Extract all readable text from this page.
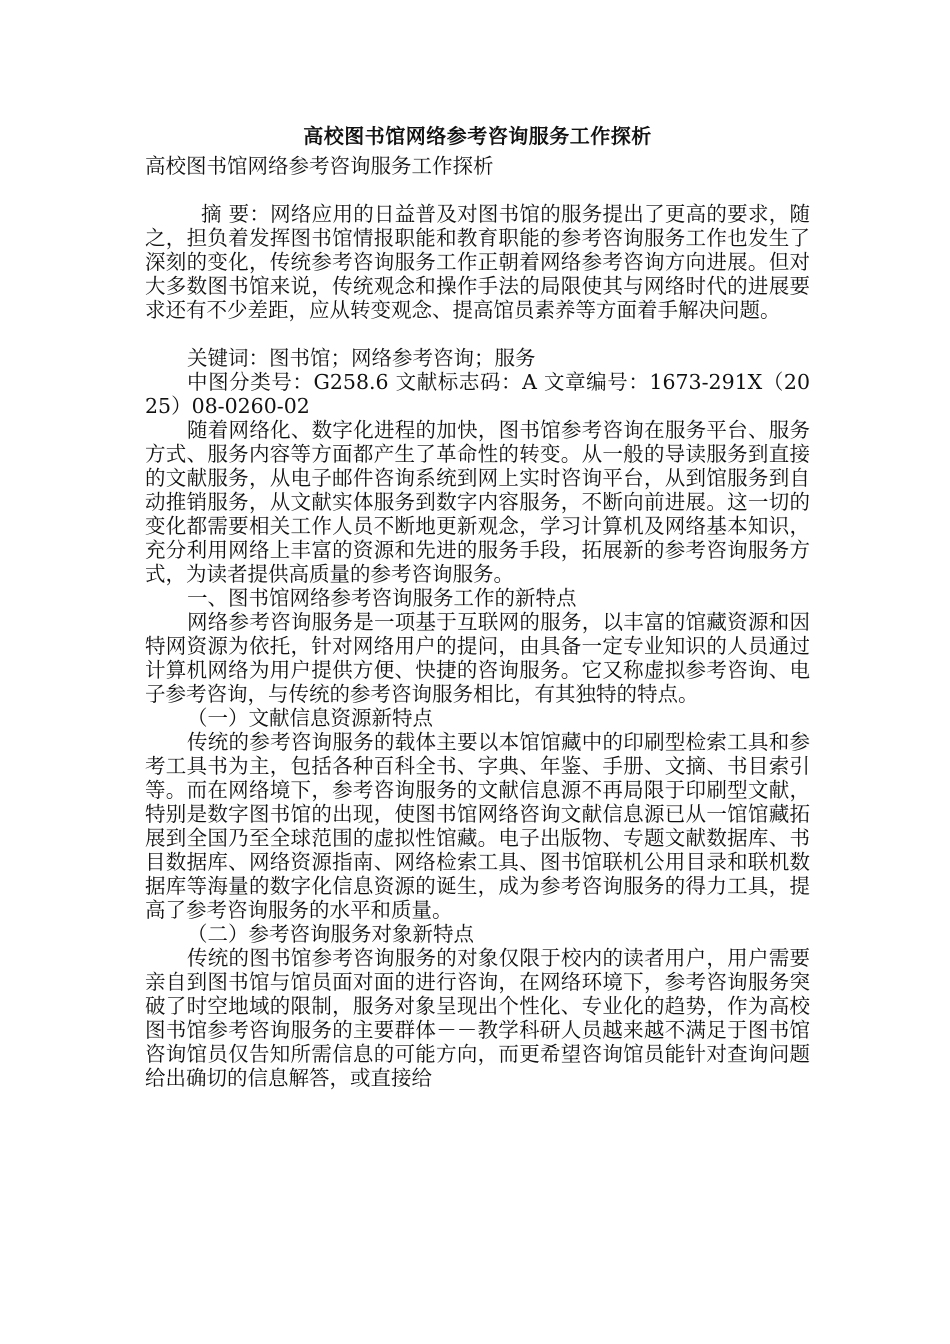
高校图书馆网络参考咨询服务工作探析

高校图书馆网络参考咨询服务工作探析

摘 要：网络应用的日益普及对图书馆的服务提出了更高的要求，随之，担负着发挥图书馆情报职能和教育职能的参考咨询服务工作也发生了深刻的变化，传统参考咨询服务工作正朝着网络参考咨询方向进展。但对大多数图书馆来说，传统观念和操作手法的局限使其与网络时代的进展要求还有不少差距，应从转变观念、提高馆员素养等方面着手解决问题。

关键词：图书馆；网络参考咨询；服务

中图分类号：G258.6 文献标志码：A 文章编号：1673-291X（2025）08-0260-02

随着网络化、数字化进程的加快，图书馆参考咨询在服务平台、服务方式、服务内容等方面都产生了革命性的转变。从一般的导读服务到直接的文献服务，从电子邮件咨询系统到网上实时咨询平台，从到馆服务到自动推销服务，从文献实体服务到数字内容服务，不断向前进展。这一切的变化都需要相关工作人员不断地更新观念，学习计算机及网络基本知识，充分利用网络上丰富的资源和先进的服务手段，拓展新的参考咨询服务方式，为读者提供高质量的参考咨询服务。

一、图书馆网络参考咨询服务工作的新特点

网络参考咨询服务是一项基于互联网的服务，以丰富的馆藏资源和因特网资源为依托，针对网络用户的提问，由具备一定专业知识的人员通过计算机网络为用户提供方便、快捷的咨询服务。它又称虚拟参考咨询、电子参考咨询，与传统的参考咨询服务相比，有其独特的特点。

（一）文献信息资源新特点

传统的参考咨询服务的载体主要以本馆馆藏中的印刷型检索工具和参考工具书为主，包括各种百科全书、字典、年鉴、手册、文摘、书目索引等。而在网络境下，参考咨询服务的文献信息源不再局限于印刷型文献，特别是数字图书馆的出现，使图书馆网络咨询文献信息源已从一馆馆藏拓展到全国乃至全球范围的虚拟性馆藏。电子出版物、专题文献数据库、书目数据库、网络资源指南、网络检索工具、图书馆联机公用目录和联机数据库等海量的数字化信息资源的诞生，成为参考咨询服务的得力工具，提高了参考咨询服务的水平和质量。

（二）参考咨询服务对象新特点

传统的图书馆参考咨询服务的对象仅限于校内的读者用户，用户需要亲自到图书馆与馆员面对面的进行咨询，在网络环境下，参考咨询服务突破了时空地域的限制，服务对象呈现出个性化、专业化的趋势，作为高校图书馆参考咨询服务的主要群体－－教学科研人员越来越不满足于图书馆咨询馆员仅告知所需信息的可能方向，而更希望咨询馆员能针对查询问题给出确切的信息解答，或直接给
